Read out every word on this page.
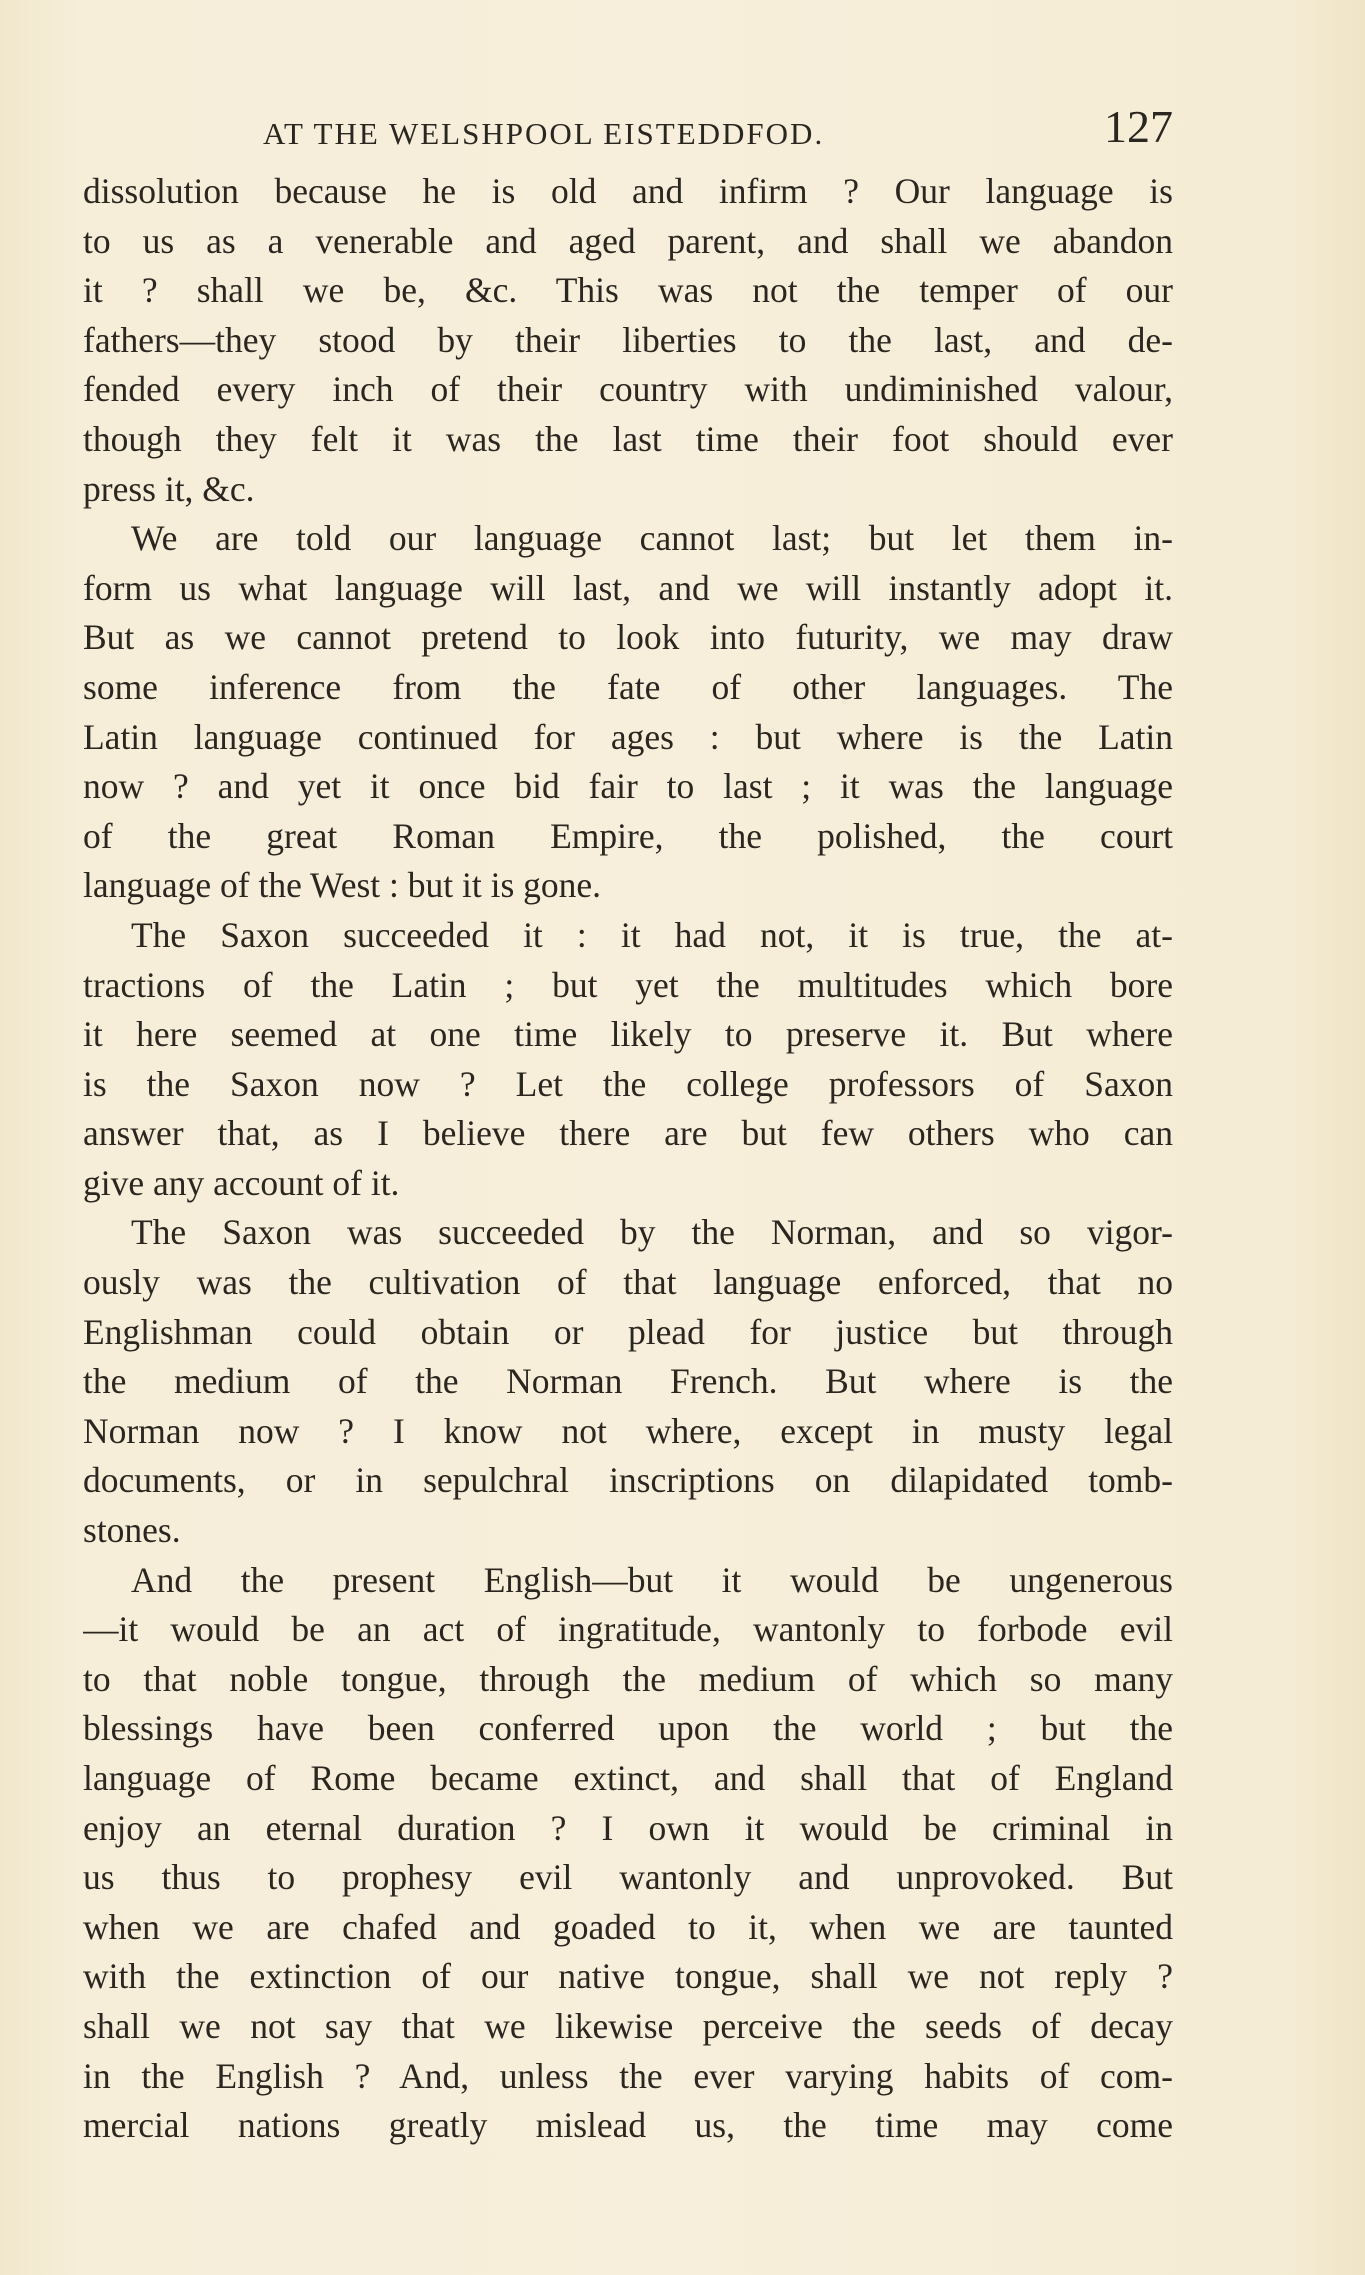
AT THE WELSHPOOL EISTEDDFOD.	127
dissolution because he is old and infirm ? Our language is
to us as a venerable and aged parent, and shall we abandon
it ? shall we be, &c. This was not the temper of our
fathers—they stood by their liberties to the last, and de-
fended every inch of their country with undiminished valour,
though they felt it was the last time their foot should ever
press it, &c.
We are told our language cannot last; but let them in-
form us what language will last, and we will instantly adopt it.
But as we cannot pretend to look into futurity, we may draw
some inference from the fate of other languages. The
Latin language continued for ages : but where is the Latin
now ? and yet it once bid fair to last ; it was the language
of the great Roman Empire, the polished, the court
language of the West : but it is gone.
The Saxon succeeded it : it had not, it is true, the at-
tractions of the Latin ; but yet the multitudes which bore
it here seemed at one time likely to preserve it. But where
is the Saxon now ? Let the college professors of Saxon
answer that, as I believe there are but few others who can
give any account of it.
The Saxon was succeeded by the Norman, and so vigor-
ously was the cultivation of that language enforced, that no
Englishman could obtain or plead for justice but through
the medium of the Norman French. But where is the
Norman now ? I know not where, except in musty legal
documents, or in sepulchral inscriptions on dilapidated tomb-
stones.
And the present English—but it would be ungenerous
—it would be an act of ingratitude, wantonly to forbode evil
to that noble tongue, through the medium of which so many
blessings have been conferred upon the world ; but the
language of Rome became extinct, and shall that of England
enjoy an eternal duration ? I own it would be criminal in
us thus to prophesy evil wantonly and unprovoked. But
when we are chafed and goaded to it, when we are taunted
with the extinction of our native tongue, shall we not reply ?
shall we not say that we likewise perceive the seeds of decay
in the English ? And, unless the ever varying habits of com-
mercial nations greatly mislead us, the time may come
